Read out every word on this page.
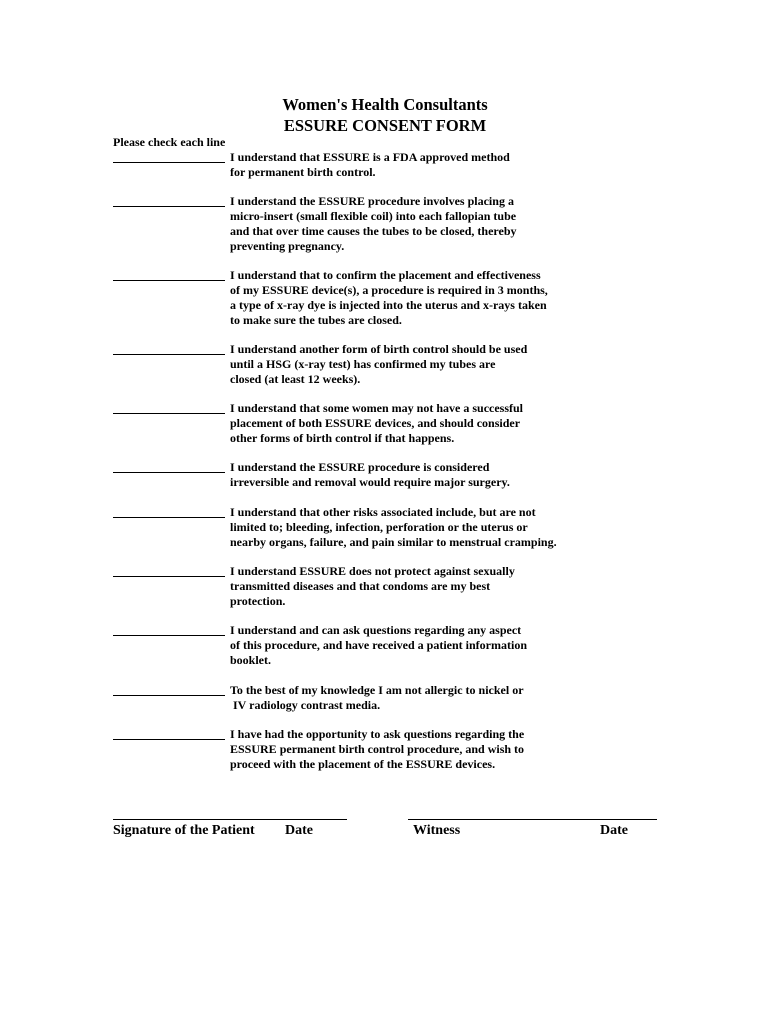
Women's Health Consultants
ESSURE CONSENT FORM
Please check each line
I understand that ESSURE is a FDA approved method
for permanent birth control.
I understand the ESSURE procedure involves placing a
micro-insert (small flexible coil) into each fallopian tube
and that over time causes the tubes to be closed, thereby
preventing pregnancy.
I understand that to confirm the placement and effectiveness
of my ESSURE device(s), a procedure is required in 3 months,
a type of x-ray dye is injected into the uterus and x-rays taken
to make sure the tubes are closed.
I understand another form of birth control should be used
until a HSG (x-ray test) has confirmed my tubes are
closed (at least 12 weeks).
I understand that some women may not have a successful
placement of both ESSURE devices, and should consider
other forms of birth control if that happens.
I understand the ESSURE procedure is considered
irreversible and removal would require major surgery.
I understand that other risks associated include, but are not
limited to; bleeding, infection, perforation or the uterus or
nearby organs, failure, and pain similar to menstrual cramping.
I understand ESSURE does not protect against sexually
transmitted diseases and that condoms are my best
protection.
I understand and can ask questions regarding any aspect
of this procedure, and have received a patient information
booklet.
To the best of my knowledge I am not allergic to nickel or
IV radiology contrast media.
I have had the opportunity to ask questions regarding the
ESSURE permanent birth control procedure, and wish to
proceed with the placement of the ESSURE devices.
Signature of the Patient Date	Witness	Date
